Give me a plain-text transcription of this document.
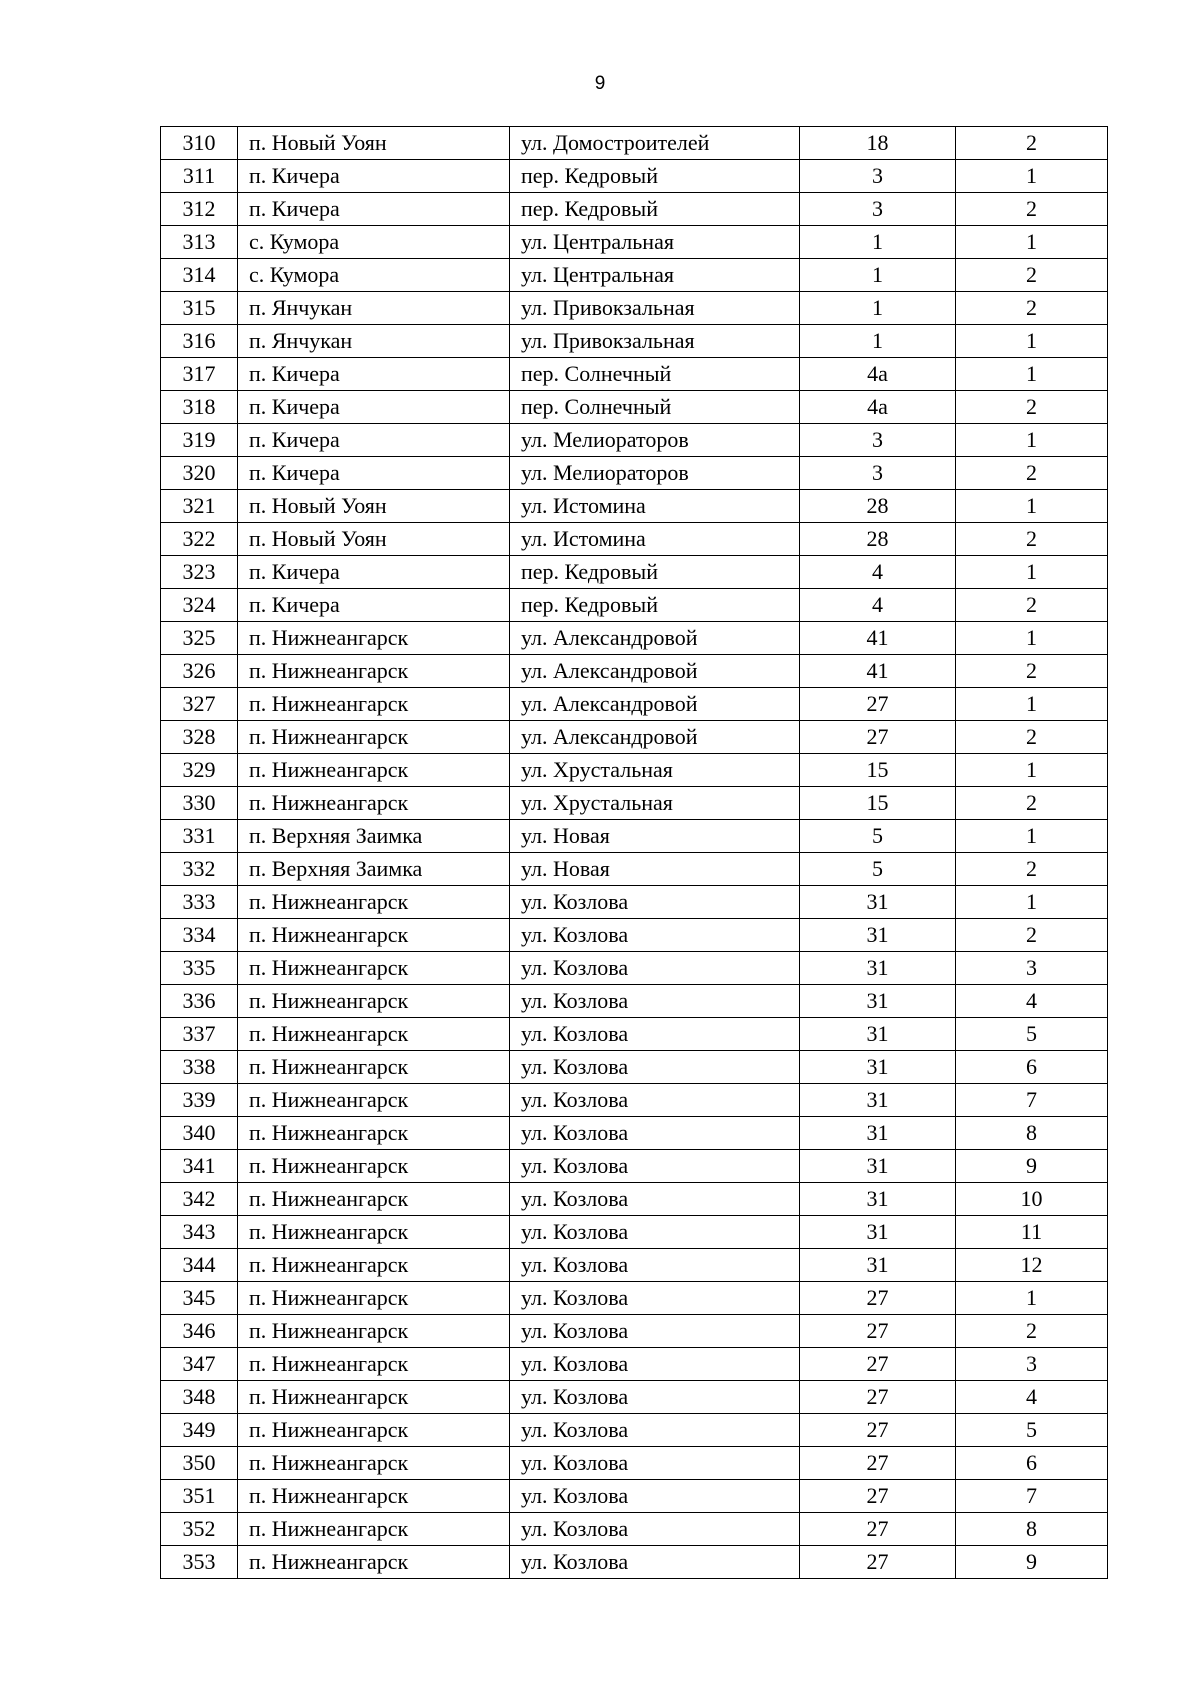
9
310	п. Новый Уоян	ул. Домостроителей	18	2
311	п. Кичера	пер. Кедровый	3	1
312	п. Кичера	пер. Кедровый	3	2
313	с. Кумора	ул. Центральная	1	1
314	с. Кумора	ул. Центральная	1	2
315	п. Янчукан	ул. Привокзальная	1	2
316	п. Янчукан	ул. Привокзальная	1	1
317	п. Кичера	пер. Солнечный	4а	1
318	п. Кичера	пер. Солнечный	4а	2
319	п. Кичера	ул. Мелиораторов	3	1
320	п. Кичера	ул. Мелиораторов	3	2
321	п. Новый Уоян	ул. Истомина	28	1
322	п. Новый Уоян	ул. Истомина	28	2
323	п. Кичера	пер. Кедровый	4	1
324	п. Кичера	пер. Кедровый	4	2
325	п. Нижнеангарск	ул. Александровой	41	1
326	п. Нижнеангарск	ул. Александровой	41	2
327	п. Нижнеангарск	ул. Александровой	27	1
328	п. Нижнеангарск	ул. Александровой	27	2
329	п. Нижнеангарск	ул. Хрустальная	15	1
330	п. Нижнеангарск	ул. Хрустальная	15	2
331	п. Верхняя Заимка	ул. Новая	5	1
332	п. Верхняя Заимка	ул. Новая	5	2
333	п. Нижнеангарск	ул. Козлова	31	1
334	п. Нижнеангарск	ул. Козлова	31	2
335	п. Нижнеангарск	ул. Козлова	31	3
336	п. Нижнеангарск	ул. Козлова	31	4
337	п. Нижнеангарск	ул. Козлова	31	5
338	п. Нижнеангарск	ул. Козлова	31	6
339	п. Нижнеангарск	ул. Козлова	31	7
340	п. Нижнеангарск	ул. Козлова	31	8
341	п. Нижнеангарск	ул. Козлова	31	9
342	п. Нижнеангарск	ул. Козлова	31	10
343	п. Нижнеангарск	ул. Козлова	31	11
344	п. Нижнеангарск	ул. Козлова	31	12
345	п. Нижнеангарск	ул. Козлова	27	1
346	п. Нижнеангарск	ул. Козлова	27	2
347	п. Нижнеангарск	ул. Козлова	27	3
348	п. Нижнеангарск	ул. Козлова	27	4
349	п. Нижнеангарск	ул. Козлова	27	5
350	п. Нижнеангарск	ул. Козлова	27	6
351	п. Нижнеангарск	ул. Козлова	27	7
352	п. Нижнеангарск	ул. Козлова	27	8
353	п. Нижнеангарск	ул. Козлова	27	9
